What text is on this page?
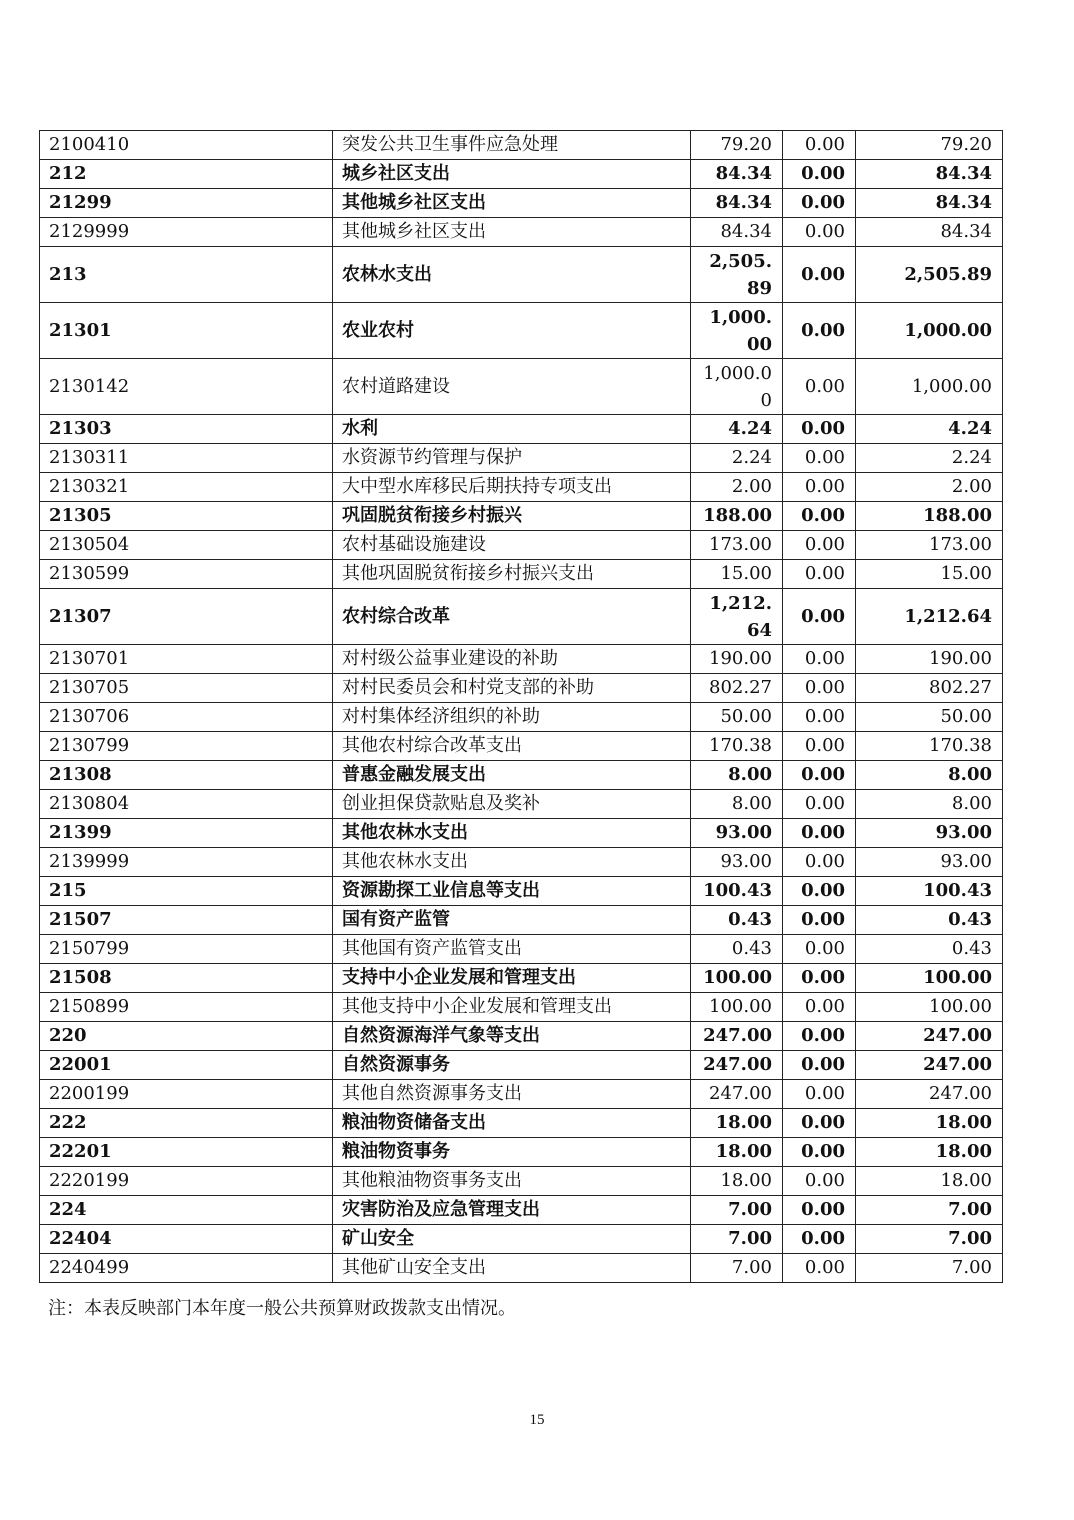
2100410	突发公共卫生事件应急处理	79.20	0.00	79.20
212	城乡社区支出	84.34	0.00	84.34
21299	其他城乡社区支出	84.34	0.00	84.34
2129999	其他城乡社区支出	84.34	0.00	84.34
213	农林水支出	2,505.89	0.00	2,505.89
21301	农业农村	1,000.00	0.00	1,000.00
2130142	农村道路建设	1,000.00	0.00	1,000.00
21303	水利	4.24	0.00	4.24
2130311	水资源节约管理与保护	2.24	0.00	2.24
2130321	大中型水库移民后期扶持专项支出	2.00	0.00	2.00
21305	巩固脱贫衔接乡村振兴	188.00	0.00	188.00
2130504	农村基础设施建设	173.00	0.00	173.00
2130599	其他巩固脱贫衔接乡村振兴支出	15.00	0.00	15.00
21307	农村综合改革	1,212.64	0.00	1,212.64
2130701	对村级公益事业建设的补助	190.00	0.00	190.00
2130705	对村民委员会和村党支部的补助	802.27	0.00	802.27
2130706	对村集体经济组织的补助	50.00	0.00	50.00
2130799	其他农村综合改革支出	170.38	0.00	170.38
21308	普惠金融发展支出	8.00	0.00	8.00
2130804	创业担保贷款贴息及奖补	8.00	0.00	8.00
21399	其他农林水支出	93.00	0.00	93.00
2139999	其他农林水支出	93.00	0.00	93.00
215	资源勘探工业信息等支出	100.43	0.00	100.43
21507	国有资产监管	0.43	0.00	0.43
2150799	其他国有资产监管支出	0.43	0.00	0.43
21508	支持中小企业发展和管理支出	100.00	0.00	100.00
2150899	其他支持中小企业发展和管理支出	100.00	0.00	100.00
220	自然资源海洋气象等支出	247.00	0.00	247.00
22001	自然资源事务	247.00	0.00	247.00
2200199	其他自然资源事务支出	247.00	0.00	247.00
222	粮油物资储备支出	18.00	0.00	18.00
22201	粮油物资事务	18.00	0.00	18.00
2220199	其他粮油物资事务支出	18.00	0.00	18.00
224	灾害防治及应急管理支出	7.00	0.00	7.00
22404	矿山安全	7.00	0.00	7.00
2240499	其他矿山安全支出	7.00	0.00	7.00
注：本表反映部门本年度一般公共预算财政拨款支出情况。
15
